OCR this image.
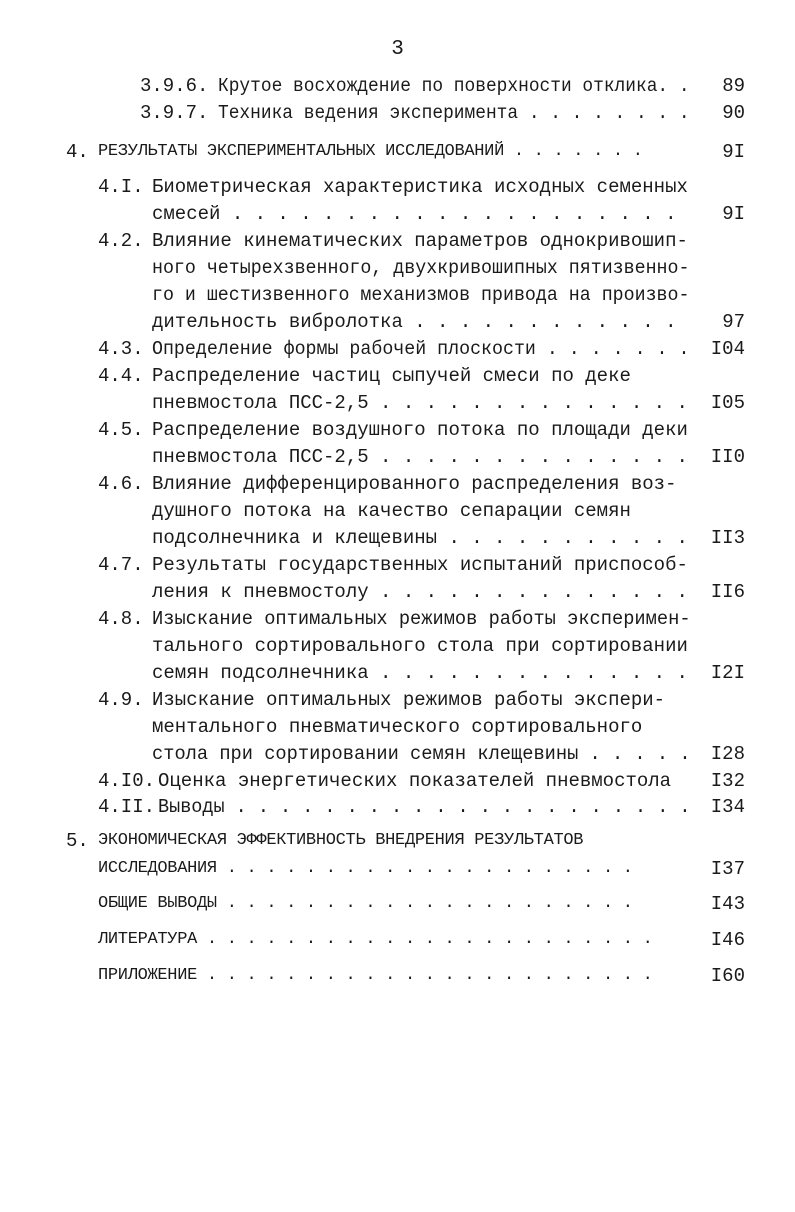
3
3.9.6. Крутое восхождение по поверхности отклика. .	89
3.9.7. Техника ведения эксперимента . . . . . . . .	90
4. РЕЗУЛЬТАТЫ ЭКСПЕРИМЕНТАЛЬНЫХ ИССЛЕДОВАНИЙ . . . . . . .	9I
4.I. Биометрическая характеристика исходных семенных
смесей . . . . . . . . . . . . . . . . . . . .	9I
4.2. Влияние кинематических параметров однокривошип-
ного четырехзвенного, двухкривошипных пятизвенно-
го и шестизвенного механизмов привода на произво-
дительность вибролотка . . . . . . . . . . . .	97
4.3. Определение формы рабочей плоскости . . . . . . .	I04
4.4. Распределение частиц сыпучей смеси по деке
пневмостола ПСС-2,5 . . . . . . . . . . . . . .	I05
4.5. Распределение воздушного потока по площади деки
пневмостола ПСС-2,5 . . . . . . . . . . . . . .	II0
4.6. Влияние дифференцированного распределения воз-
душного потока на качество сепарации семян
подсолнечника и клещевины . . . . . . . . . . .	II3
4.7. Результаты государственных испытаний приспособ-
ления к пневмостолу . . . . . . . . . . . . . .	II6
4.8. Изыскание оптимальных режимов работы эксперимен-
тального сортировального стола при сортировании
семян подсолнечника . . . . . . . . . . . . . .	I2I
4.9. Изыскание оптимальных режимов работы экспери-
ментального пневматического сортировального
стола при сортировании семян клещевины . . . . .	I28
4.I0. Оценка энергетических показателей пневмостола	I32
4.II. Выводы . . . . . . . . . . . . . . . . . . . . .	I34
5. ЭКОНОМИЧЕСКАЯ ЭФФЕКТИВНОСТЬ ВНЕДРЕНИЯ РЕЗУЛЬТАТОВ
ИССЛЕДОВАНИЯ . . . . . . . . . . . . . . . . . . . . .	I37
ОБЩИЕ ВЫВОДЫ . . . . . . . . . . . . . . . . . . . . .	I43
ЛИТЕРАТУРА . . . . . . . . . . . . . . . . . . . . . . .	I46
ПРИЛОЖЕНИЕ . . . . . . . . . . . . . . . . . . . . . . .	I60
